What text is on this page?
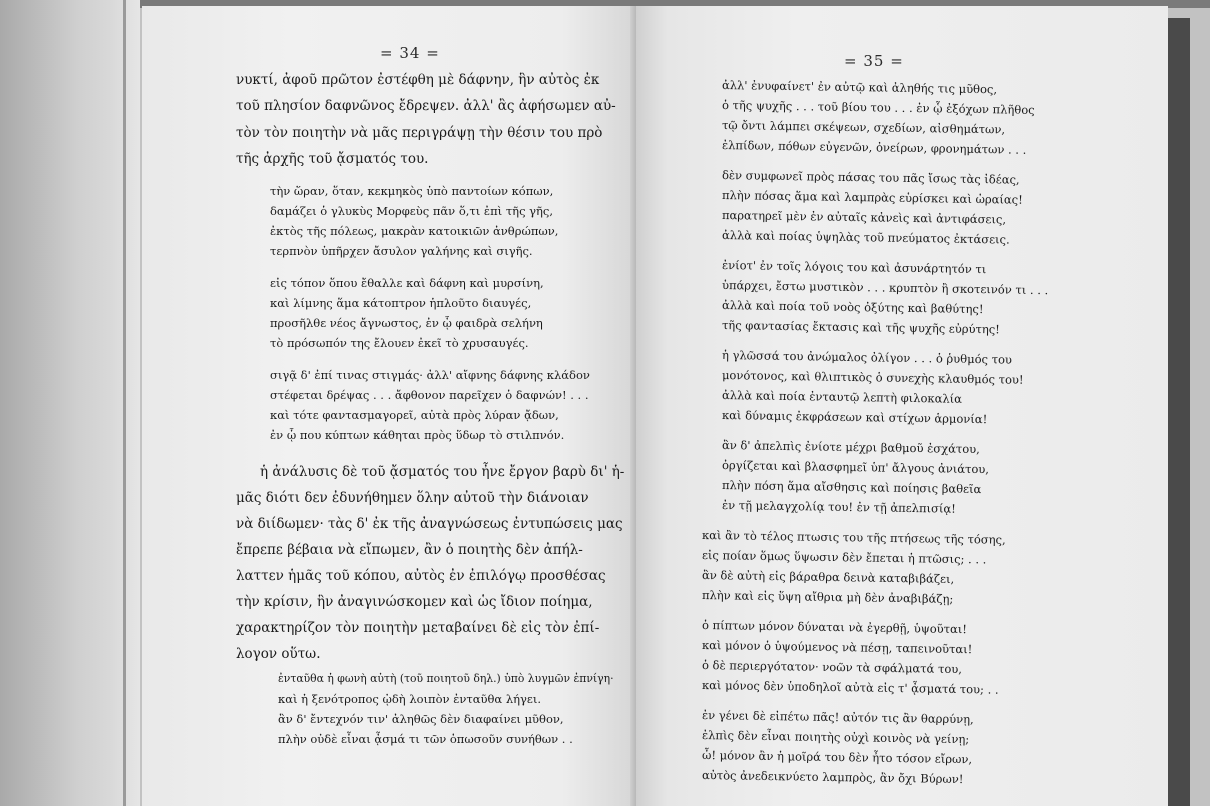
= 34 =
νυκτί, ἀφοῦ πρῶτον ἐστέφθη μὲ δάφνην, ἣν αὐτὸς ἐκ
τοῦ πλησίον δαφνῶνος ἔδρεψεν. ἀλλ' ἂς ἀφήσωμεν αὐ-
τὸν τὸν ποιητὴν νὰ μᾶς περιγράψῃ τὴν θέσιν του πρὸ
τῆς ἀρχῆς τοῦ ᾄσματός του.
τὴν ὥραν, ὅταν, κεκμηκὸς ὑπὸ παντοίων κόπων,
δαμάζει ὁ γλυκὺς Μορφεὺς πᾶν ὅ,τι ἐπὶ τῆς γῆς,
ἐκτὸς τῆς πόλεως, μακρὰν κατοικιῶν ἀνθρώπων,
τερπνὸν ὑπῆρχεν ἄσυλον γαλήνης καὶ σιγῆς.
εἰς τόπον ὅπου ἔθαλλε καὶ δάφνη καὶ μυρσίνη,
καὶ λίμνης ἅμα κάτοπτρον ἡπλοῦτο διαυγές,
προσῆλθε νέος ἄγνωστος, ἐν ᾧ φαιδρὰ σελήνη
τὸ πρόσωπόν της ἔλουεν ἐκεῖ τὸ χρυσαυγές.
σιγᾷ δ' ἐπί τινας στιγμάς· ἀλλ' αἴφνης δάφνης κλάδον
στέφεται δρέψας . . . ἄφθονον παρεῖχεν ὁ δαφνών! . . .
καὶ τότε φαντασμαγορεῖ, αὐτὰ πρὸς λύραν ᾄδων,
ἐν ᾧ που κύπτων κάθηται πρὸς ὕδωρ τὸ στιλπνόν.
ἡ ἀνάλυσις δὲ τοῦ ᾄσματός του ἦνε ἔργον βαρὺ δι' ἡ-
μᾶς διότι δεν ἐδυνήθημεν ὅλην αὐτοῦ τὴν διάνοιαν
νὰ διίδωμεν· τὰς δ' ἐκ τῆς ἀναγνώσεως ἐντυπώσεις μας
ἔπρεπε βέβαια νὰ εἴπωμεν, ἂν ὁ ποιητὴς δὲν ἀπήλ-
λαττεν ἡμᾶς τοῦ κόπου, αὐτὸς ἐν ἐπιλόγῳ προσθέσας
τὴν κρίσιν, ἣν ἀναγινώσκομεν καὶ ὡς ἴδιον ποίημα,
χαρακτηρίζον τὸν ποιητὴν μεταβαίνει δὲ εἰς τὸν ἐπί-
λογον οὕτω.
ἐνταῦθα ἡ φωνὴ αὐτὴ (τοῦ ποιητοῦ δηλ.) ὑπὸ λυγμῶν ἐπνίγη·
καὶ ἡ ξενότροπος ᾠδὴ λοιπὸν ἐνταῦθα λήγει.
ἂν δ' ἔντεχνόν τιν' ἀληθῶς δὲν διαφαίνει μῦθον,
πλὴν οὐδὲ εἶναι ᾆσμά τι τῶν ὁπωσοῦν συνήθων . .
= 35 =
ἀλλ' ἐνυφαίνετ' ἐν αὐτῷ καὶ ἀληθής τις μῦθος,
ὁ τῆς ψυχῆς . . . τοῦ βίου του . . . ἐν ᾧ ἐξόχων πλῆθος
τῷ ὄντι λάμπει σκέψεων, σχεδίων, αἰσθημάτων,
ἐλπίδων, πόθων εὐγενῶν, ὀνείρων, φρονημάτων . . .
δὲν συμφωνεῖ πρὸς πάσας του πᾶς ἴσως τὰς ἰδέας,
πλὴν πόσας ἅμα καὶ λαμπρὰς εὑρίσκει καὶ ὡραίας!
παρατηρεῖ μὲν ἐν αὐταῖς κἀνεὶς καὶ ἀντιφάσεις,
ἀλλὰ καὶ ποίας ὑψηλὰς τοῦ πνεύματος ἐκτάσεις.
ἐνίοτ' ἐν τοῖς λόγοις του καὶ ἀσυνάρτητόν τι
ὑπάρχει, ἔστω μυστικὸν . . . κρυπτὸν ἢ σκοτεινόν τι . . .
ἀλλὰ καὶ ποία τοῦ νοὸς ὀξύτης καὶ βαθύτης!
τῆς φαντασίας ἔκτασις καὶ τῆς ψυχῆς εὐρύτης!
ἡ γλῶσσά του ἀνώμαλος ὀλίγον . . . ὁ ῥυθμός του
μονότονος, καὶ θλιπτικὸς ὁ συνεχὴς κλαυθμός του!
ἀλλὰ καὶ ποία ἐνταυτῷ λεπτὴ φιλοκαλία
καὶ δύναμις ἐκφράσεων καὶ στίχων ἁρμονία!
ἂν δ' ἀπελπὶς ἐνίοτε μέχρι βαθμοῦ ἐσχάτου,
ὀργίζεται καὶ βλασφημεῖ ὑπ' ἄλγους ἀνιάτου,
πλὴν πόση ἅμα αἴσθησις καὶ ποίησις βαθεῖα
ἐν τῇ μελαγχολίᾳ του! ἐν τῇ ἀπελπισίᾳ!
καὶ ἂν τὸ τέλος πτωσις του τῆς πτήσεως τῆς τόσης,
εἰς ποίαν ὅμως ὕψωσιν δὲν ἔπεται ἡ πτῶσις; . . .
ἂν δὲ αὐτὴ εἰς βάραθρα δεινὰ καταβιβάζει,
πλὴν καὶ εἰς ὕψη αἴθρια μὴ δὲν ἀναβιβάζῃ;
ὁ πίπτων μόνον δύναται νὰ ἐγερθῇ, ὑψοῦται!
καὶ μόνον ὁ ὑψούμενος νὰ πέσῃ, ταπεινοῦται!
ὁ δὲ περιεργότατον· νοῶν τὰ σφάλματά του,
καὶ μόνος δὲν ὑποδηλοῖ αὐτὰ εἰς τ' ᾆσματά του; . .
ἐν γένει δὲ εἰπέτω πᾶς! αὐτόν τις ἂν θαρρύνῃ,
ἐλπὶς δὲν εἶναι ποιητὴς οὐχὶ κοινὸς νὰ γείνῃ;
ὦ! μόνον ἂν ἡ μοῖρά του δὲν ἦτο τόσον εἴρων,
αὐτὸς ἀνεδεικνύετο λαμπρὸς, ἂν ὄχι Βύρων!
